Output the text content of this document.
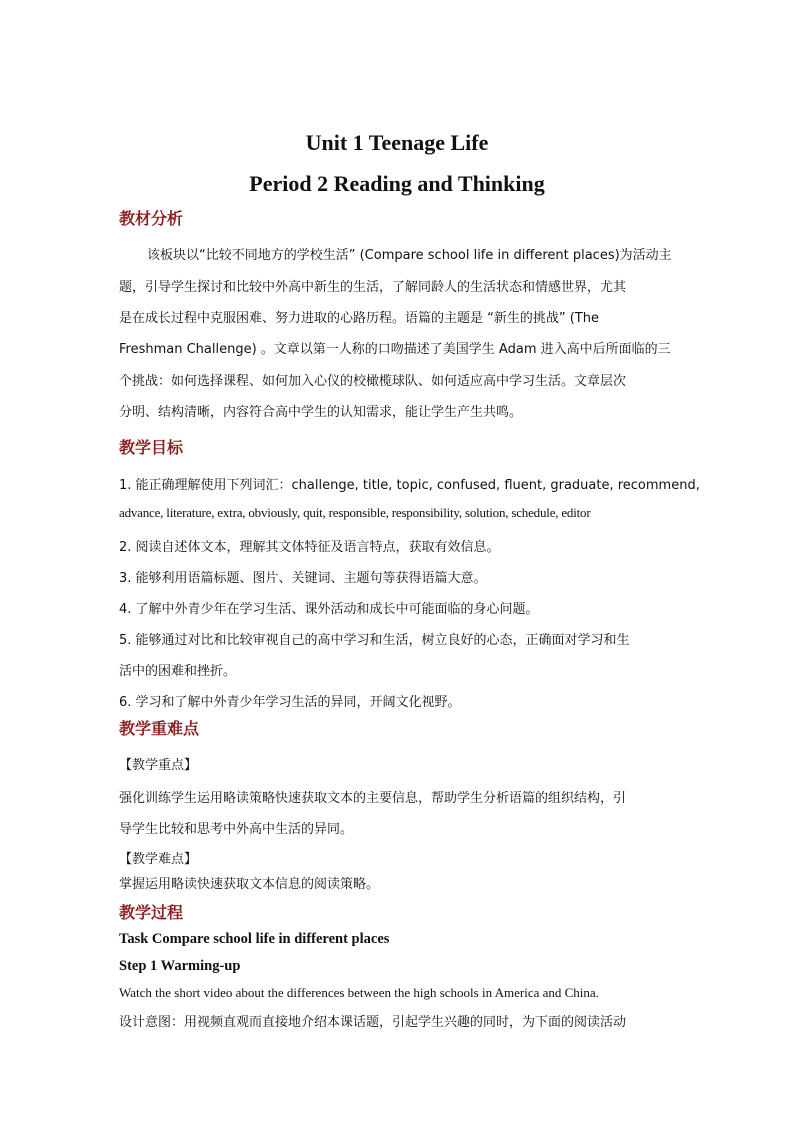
Unit 1 Teenage Life
Period 2 Reading and Thinking
教材分析
该板块以“比较不同地方的学校生活” (Compare school life in different places)为活动主
题，引导学生探讨和比较中外高中新生的生活，了解同龄人的生活状态和情感世界，尤其
是在成长过程中克服困难、努力进取的心路历程。语篇的主题是 “新生的挑战” (The
Freshman Challenge) 。文章以第一人称的口吻描述了美国学生 Adam 进入高中后所面临的三
个挑战：如何选择课程、如何加入心仪的校橄榄球队、如何适应高中学习生活。文章层次
分明、结构清晰，内容符合高中学生的认知需求，能让学生产生共鸣。
教学目标
1. 能正确理解使用下列词汇：challenge, title, topic, confused, fluent, graduate, recommend,
advance, literature, extra, obviously, quit, responsible, responsibility, solution, schedule, editor
2. 阅读自述体文本，理解其文体特征及语言特点，获取有效信息。
3. 能够利用语篇标题、图片、关键词、主题句等获得语篇大意。
4. 了解中外青少年在学习生活、课外活动和成长中可能面临的身心问题。
5. 能够通过对比和比较审视自己的高中学习和生活，树立良好的心态，正确面对学习和生
活中的困难和挫折。
6. 学习和了解中外青少年学习生活的异同，开阔文化视野。
教学重难点
【教学重点】
强化训练学生运用略读策略快速获取文本的主要信息，帮助学生分析语篇的组织结构，引
导学生比较和思考中外高中生活的异同。
【教学难点】
掌握运用略读快速获取文本信息的阅读策略。
教学过程
Task Compare school life in different places
Step 1 Warming-up
Watch the short video about the differences between the high schools in America and China.
设计意图：用视频直观而直接地介绍本课话题，引起学生兴趣的同时，为下面的阅读活动
